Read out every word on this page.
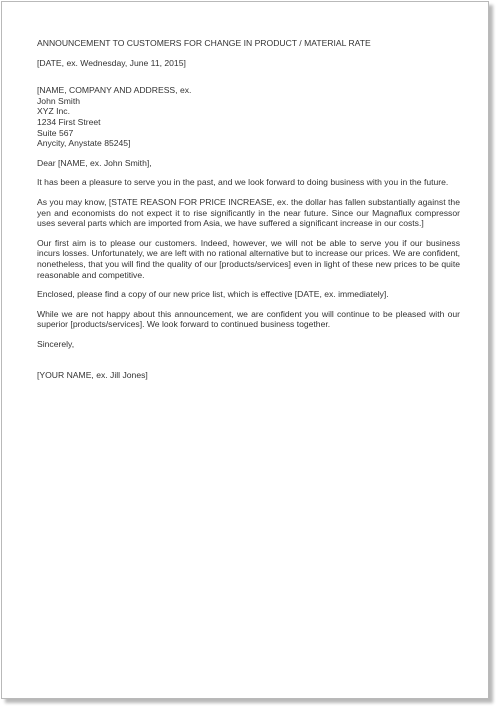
ANNOUNCEMENT TO CUSTOMERS FOR CHANGE IN PRODUCT / MATERIAL RATE
[DATE, ex. Wednesday, June 11, 2015]
[NAME, COMPANY AND ADDRESS, ex.
John Smith
XYZ Inc.
1234 First Street
Suite 567
Anycity, Anystate 85245]
Dear [NAME, ex. John Smith],

It has been a pleasure to serve you in the past, and we look forward to doing business with you in the future.

As you may know, [STATE REASON FOR PRICE INCREASE, ex. the dollar has fallen substantially against the yen and economists do not expect it to rise significantly in the near future. Since our Magnaflux compressor uses several parts which are imported from Asia, we have suffered a significant increase in our costs.]

Our first aim is to please our customers. Indeed, however, we will not be able to serve you if our business incurs losses. Unfortunately, we are left with no rational alternative but to increase our prices. We are confident, nonetheless, that you will find the quality of our [products/services] even in light of these new prices to be quite reasonable and competitive.

Enclosed, please find a copy of our new price list, which is effective [DATE, ex. immediately].

While we are not happy about this announcement, we are confident you will continue to be pleased with our superior [products/services]. We look forward to continued business together.

Sincerely,
[YOUR NAME, ex. Jill Jones]
